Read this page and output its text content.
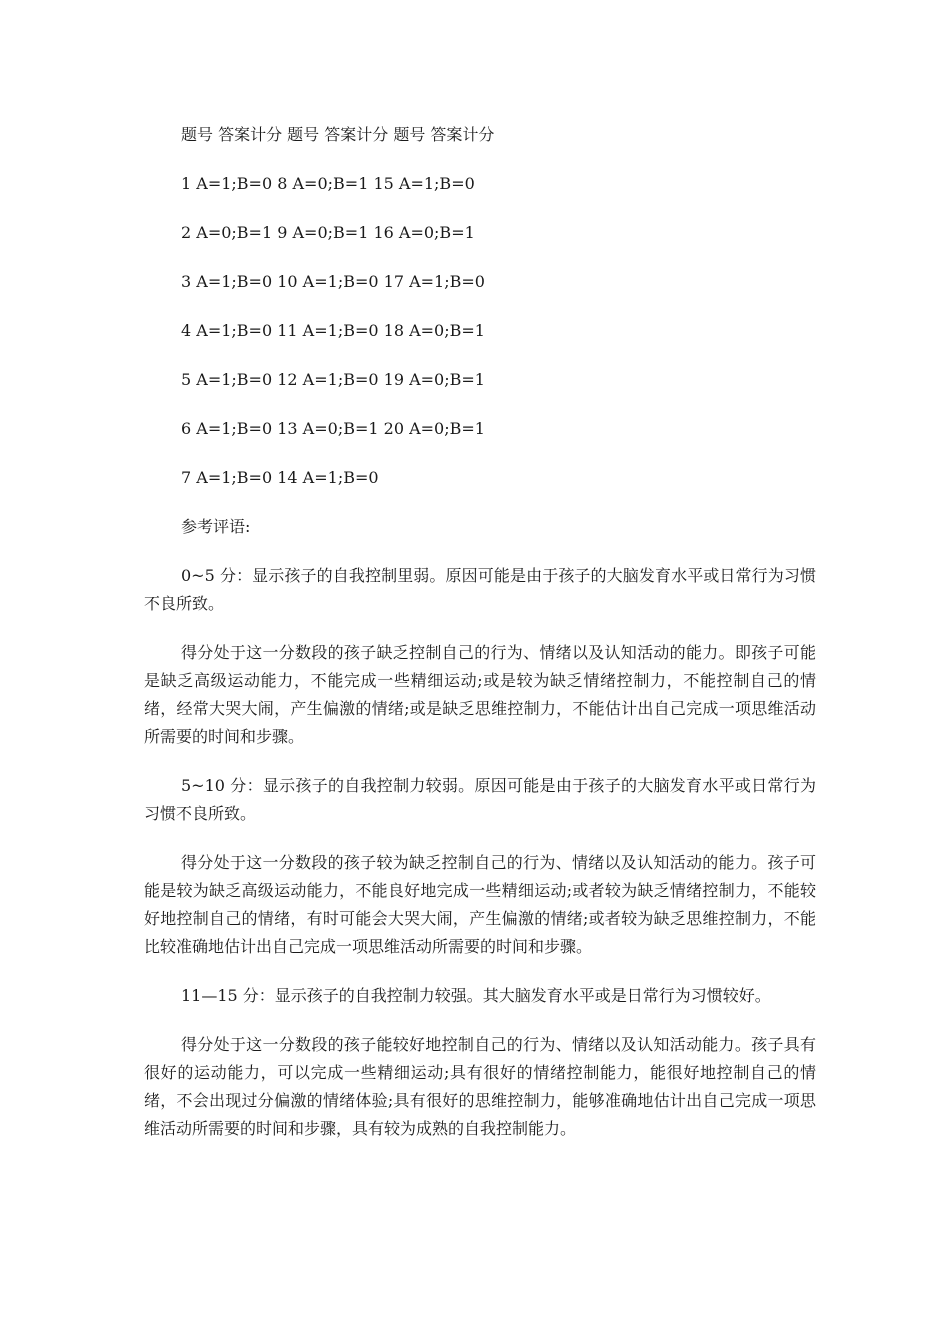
题号 答案计分 题号 答案计分 题号 答案计分

1 A=1;B=0 8 A=0;B=1 15 A=1;B=0

2 A=0;B=1 9 A=0;B=1 16 A=0;B=1

3 A=1;B=0 10 A=1;B=0 17 A=1;B=0

4 A=1;B=0 11 A=1;B=0 18 A=0;B=1

5 A=1;B=0 12 A=1;B=0 19 A=0;B=1

6 A=1;B=0 13 A=0;B=1 20 A=0;B=1

7 A=1;B=0 14 A=1;B=0

参考评语:

0~5 分：显示孩子的自我控制里弱。原因可能是由于孩子的大脑发育水平或日常行为习惯不良所致。

得分处于这一分数段的孩子缺乏控制自己的行为、情绪以及认知活动的能力。即孩子可能是缺乏高级运动能力，不能完成一些精细运动;或是较为缺乏情绪控制力，不能控制自己的情绪，经常大哭大闹，产生偏激的情绪;或是缺乏思维控制力，不能估计出自己完成一项思维活动所需要的时间和步骤。

5~10 分：显示孩子的自我控制力较弱。原因可能是由于孩子的大脑发育水平或日常行为习惯不良所致。

得分处于这一分数段的孩子较为缺乏控制自己的行为、情绪以及认知活动的能力。孩子可能是较为缺乏高级运动能力，不能良好地完成一些精细运动;或者较为缺乏情绪控制力，不能较好地控制自己的情绪，有时可能会大哭大闹，产生偏激的情绪;或者较为缺乏思维控制力，不能比较准确地估计出自己完成一项思维活动所需要的时间和步骤。

11—15 分：显示孩子的自我控制力较强。其大脑发育水平或是日常行为习惯较好。

得分处于这一分数段的孩子能较好地控制自己的行为、情绪以及认知活动能力。孩子具有很好的运动能力，可以完成一些精细运动;具有很好的情绪控制能力，能很好地控制自己的情绪，不会出现过分偏激的情绪体验;具有很好的思维控制力，能够准确地估计出自己完成一项思维活动所需要的时间和步骤，具有较为成熟的自我控制能力。
